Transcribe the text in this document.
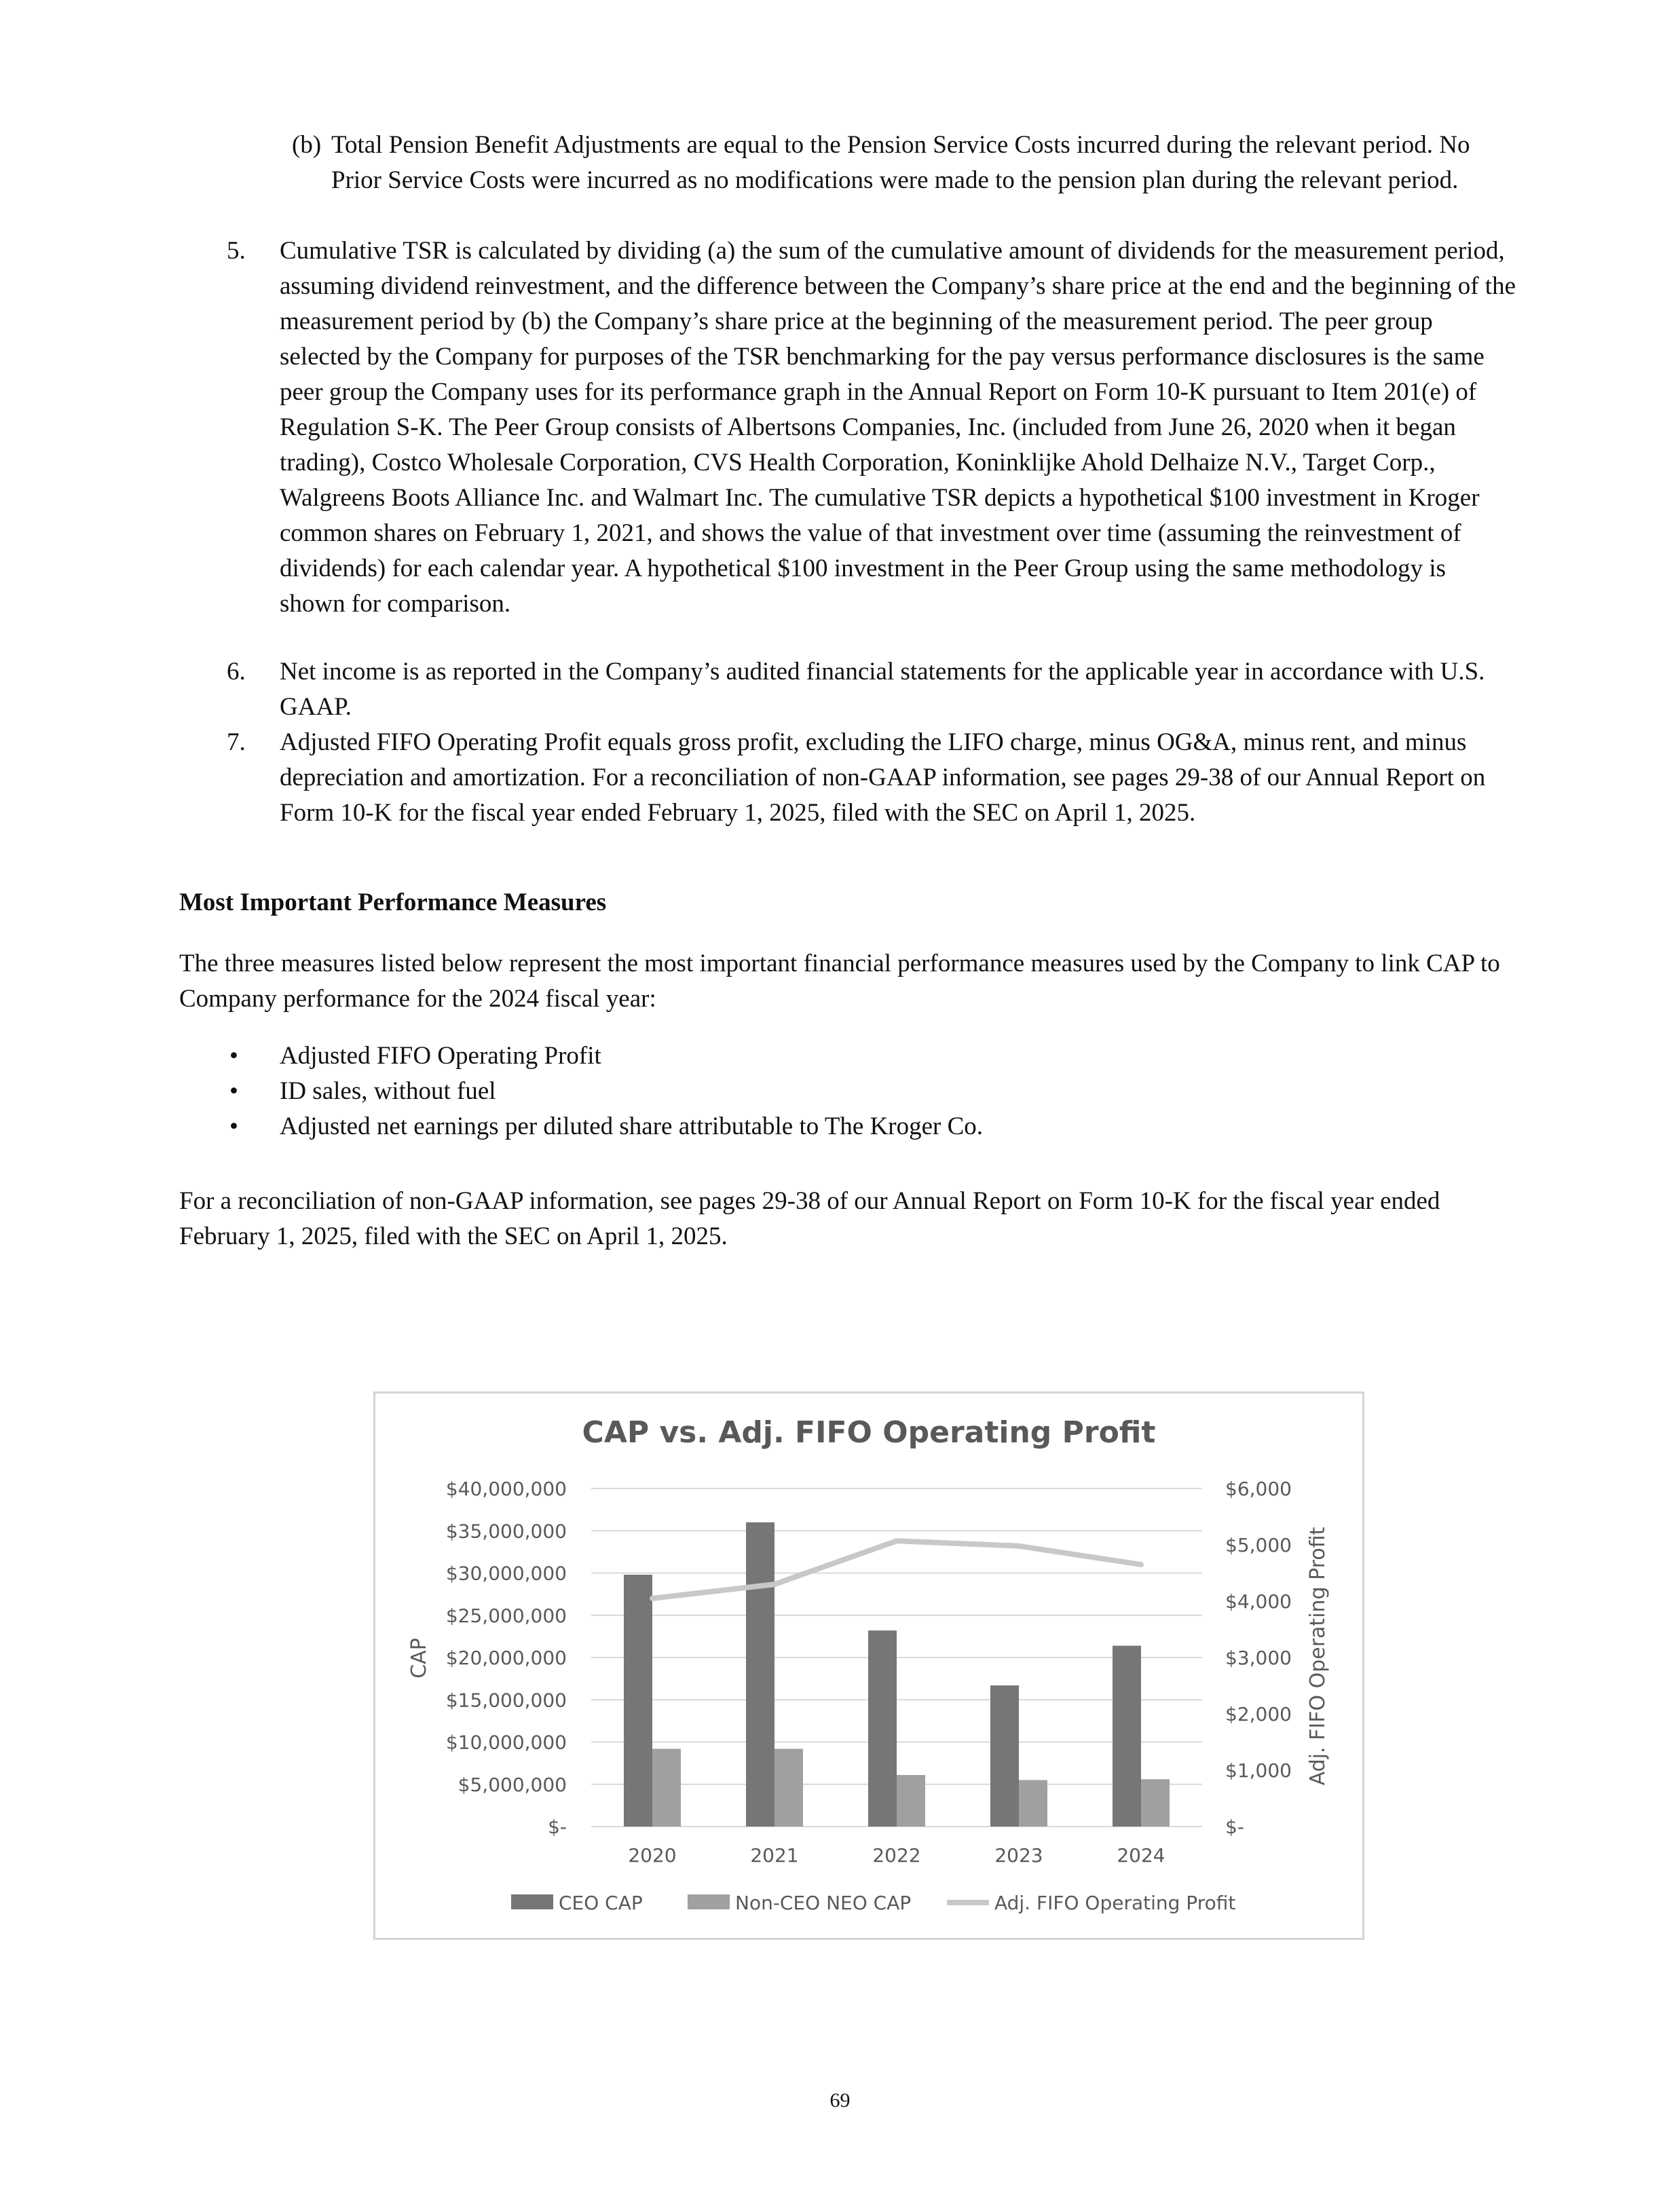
(b) Total Pension Benefit Adjustments are equal to the Pension Service Costs incurred during the relevant period. No Prior Service Costs were incurred as no modifications were made to the pension plan during the relevant period.
5. Cumulative TSR is calculated by dividing (a) the sum of the cumulative amount of dividends for the measurement period, assuming dividend reinvestment, and the difference between the Company’s share price at the end and the beginning of the measurement period by (b) the Company’s share price at the beginning of the measurement period. The peer group selected by the Company for purposes of the TSR benchmarking for the pay versus performance disclosures is the same peer group the Company uses for its performance graph in the Annual Report on Form 10-K pursuant to Item 201(e) of Regulation S-K. The Peer Group consists of Albertsons Companies, Inc. (included from June 26, 2020 when it began trading), Costco Wholesale Corporation, CVS Health Corporation, Koninklijke Ahold Delhaize N.V., Target Corp., Walgreens Boots Alliance Inc. and Walmart Inc. The cumulative TSR depicts a hypothetical $100 investment in Kroger common shares on February 1, 2021, and shows the value of that investment over time (assuming the reinvestment of dividends) for each calendar year. A hypothetical $100 investment in the Peer Group using the same methodology is shown for comparison.
6. Net income is as reported in the Company’s audited financial statements for the applicable year in accordance with U.S. GAAP.
7. Adjusted FIFO Operating Profit equals gross profit, excluding the LIFO charge, minus OG&A, minus rent, and minus depreciation and amortization. For a reconciliation of non-GAAP information, see pages 29-38 of our Annual Report on Form 10-K for the fiscal year ended February 1, 2025, filed with the SEC on April 1, 2025.
Most Important Performance Measures
The three measures listed below represent the most important financial performance measures used by the Company to link CAP to Company performance for the 2024 fiscal year:
• Adjusted FIFO Operating Profit
• ID sales, without fuel
• Adjusted net earnings per diluted share attributable to The Kroger Co.
For a reconciliation of non-GAAP information, see pages 29-38 of our Annual Report on Form 10-K for the fiscal year ended February 1, 2025, filed with the SEC on April 1, 2025.
CAP vs. Adj. FIFO Operating Profit
CAP	Adj. FIFO Operating Profit
$-
$5,000,000
$10,000,000
$15,000,000
$20,000,000
$25,000,000
$30,000,000
$35,000,000
$40,000,000
$-
$1,000
$2,000
$3,000
$4,000
$5,000
$6,000
2020	2021	2022	2023	2024
CEO CAP	Non-CEO NEO CAP	Adj. FIFO Operating Profit
69
